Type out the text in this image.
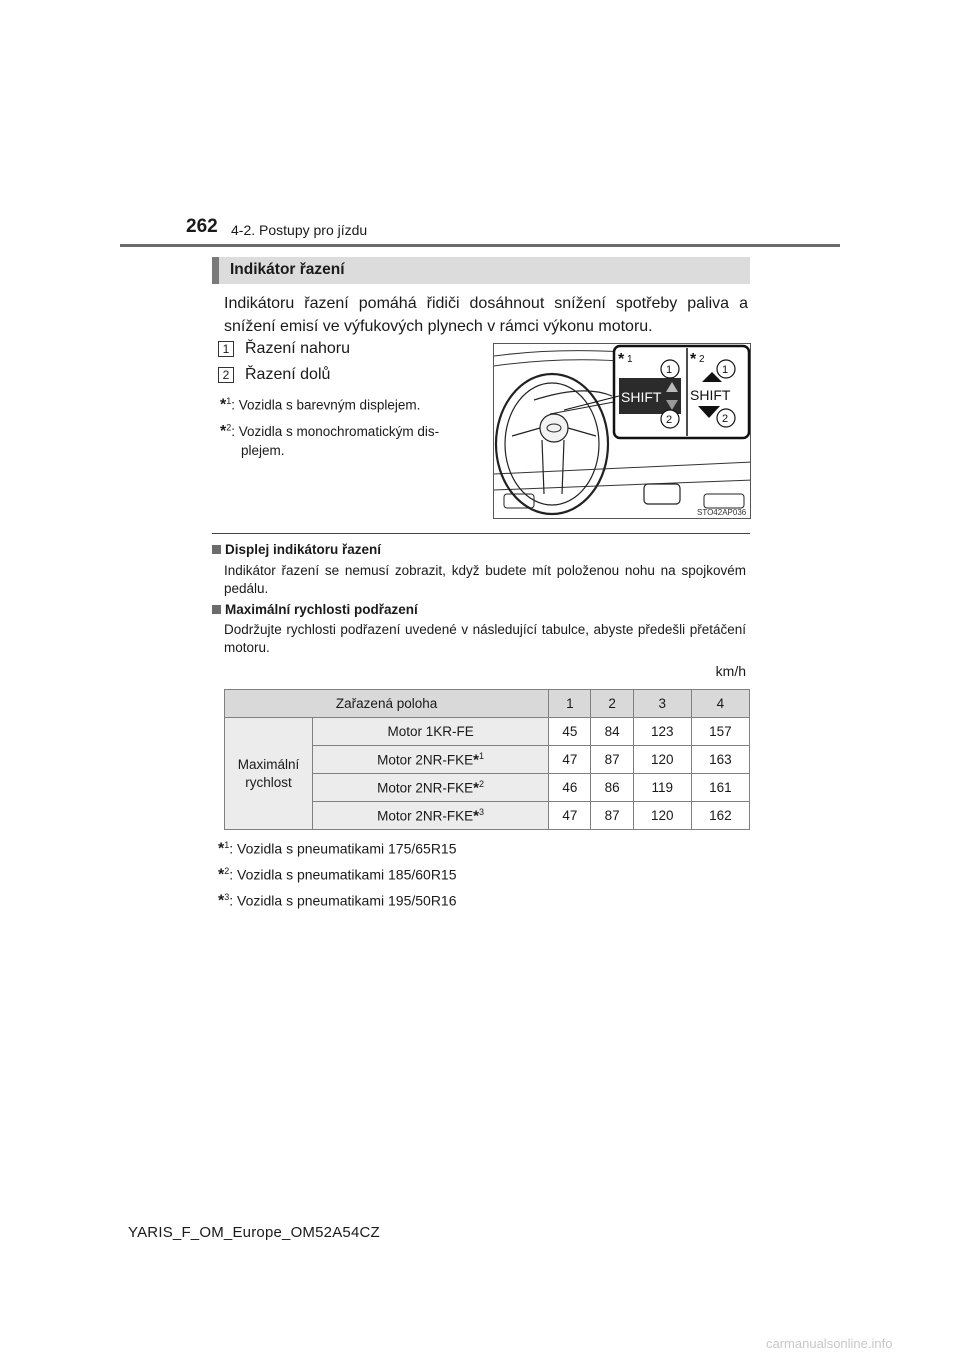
262 4-2. Postupy pro jízdu
Indikátor řazení

Indikátoru řazení pomáhá řidiči dosáhnout snížení spotřeby paliva a snížení emisí ve výfukových plynech v rámci výkonu motoru.

1 Řazení nahoru
2 Řazení dolů
*$^1$: Vozidla s barevným displejem.
*$^2$: Vozidla s monochromatickým dis-
plejem.
* 1	* 2
SHIFT SHIFT
1
2
1
2
STO42AP036
Displej indikátoru řazení

Indikátor řazení se nemusí zobrazit, když budete mít položenou nohu na spojkovém pedálu.

Maximální rychlosti podřazení

Dodržujte rychlosti podřazení uvedené v následující tabulce, abyste předešli přetáčení motoru.

km/h
Zařazená poloha		1	2	3	4
Maximální
rychlost	Motor 1KR-FE	45	84	123	157
	Motor 2NR-FKE*$^1$	47	87	120	163
	Motor 2NR-FKE*$^2$	46	86	119	161
	Motor 2NR-FKE*$^3$	47	87	120	162
*$^1$: Vozidla s pneumatikami 175/65R15
*$^2$: Vozidla s pneumatikami 185/60R15
*$^3$: Vozidla s pneumatikami 195/50R16
YARIS_F_OM_Europe_OM52A54CZ
carmanualsonline.info
